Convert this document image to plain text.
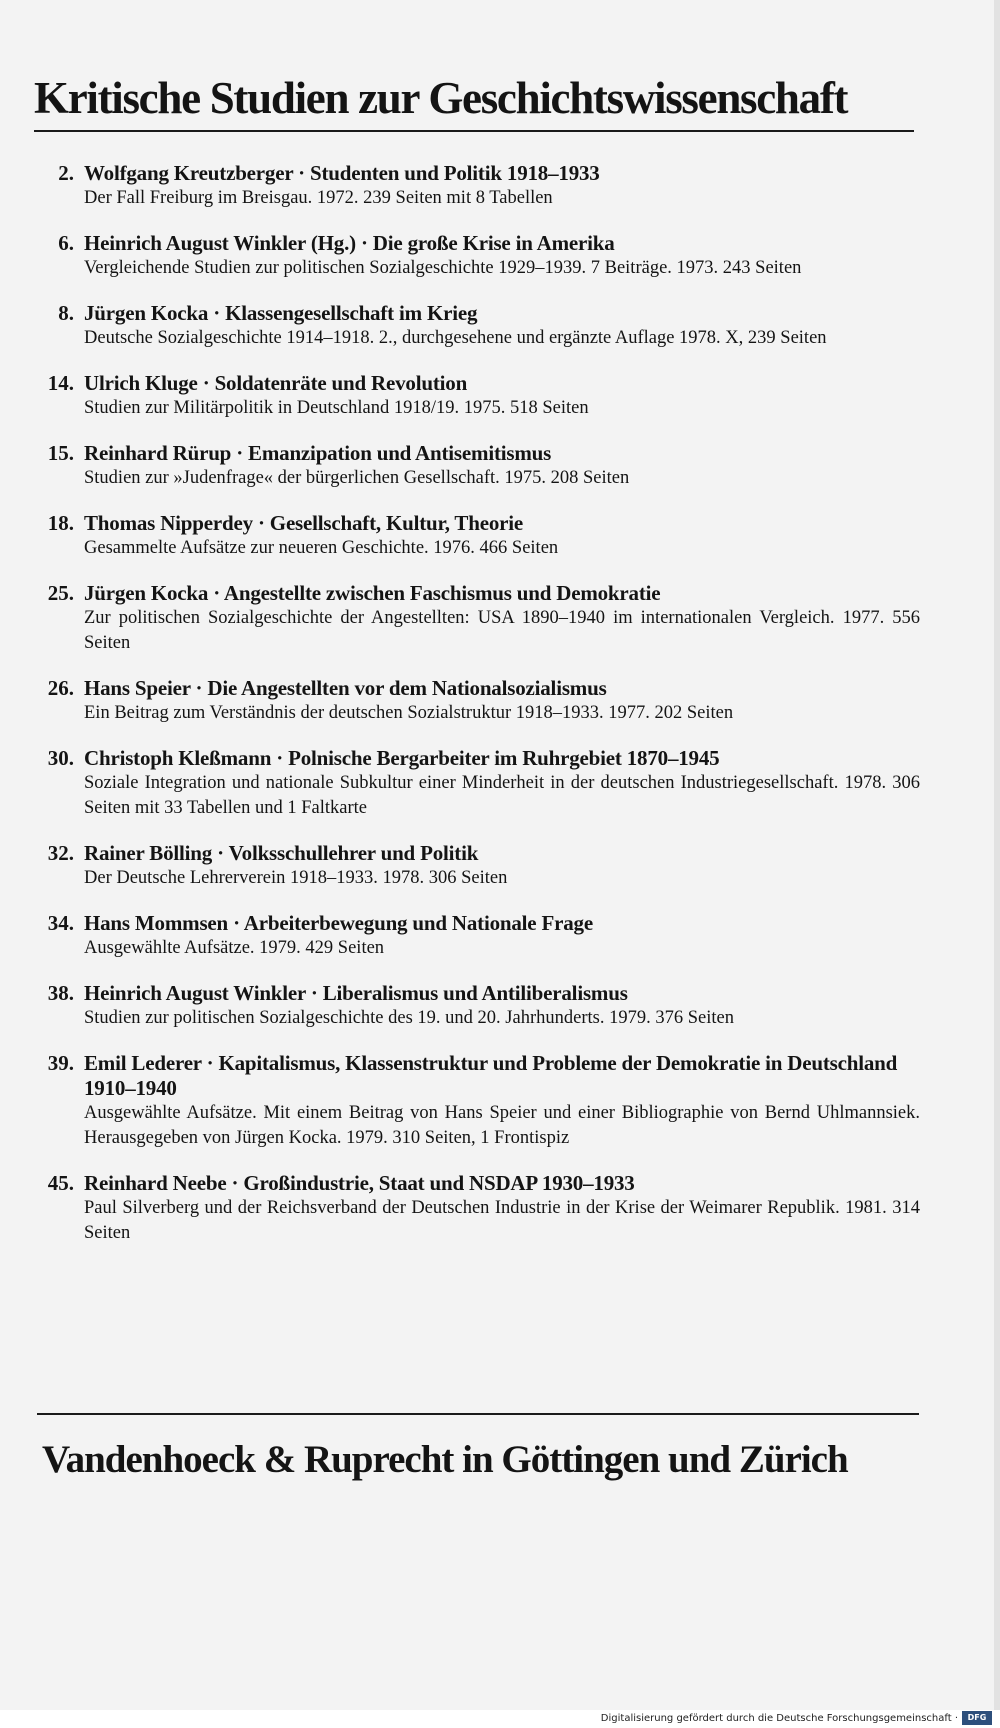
Kritische Studien zur Geschichtswissenschaft
2. Wolfgang Kreutzberger · Studenten und Politik 1918–1933
Der Fall Freiburg im Breisgau. 1972. 239 Seiten mit 8 Tabellen
6. Heinrich August Winkler (Hg.) · Die große Krise in Amerika
Vergleichende Studien zur politischen Sozialgeschichte 1929–1939. 7 Beiträge. 1973. 243 Seiten
8. Jürgen Kocka · Klassengesellschaft im Krieg
Deutsche Sozialgeschichte 1914–1918. 2., durchgesehene und ergänzte Auflage 1978. X, 239 Seiten
14. Ulrich Kluge · Soldatenräte und Revolution
Studien zur Militärpolitik in Deutschland 1918/19. 1975. 518 Seiten
15. Reinhard Rürup · Emanzipation und Antisemitismus
Studien zur »Judenfrage« der bürgerlichen Gesellschaft. 1975. 208 Seiten
18. Thomas Nipperdey · Gesellschaft, Kultur, Theorie
Gesammelte Aufsätze zur neueren Geschichte. 1976. 466 Seiten
25. Jürgen Kocka · Angestellte zwischen Faschismus und Demokratie
Zur politischen Sozialgeschichte der Angestellten: USA 1890–1940 im internationalen Vergleich. 1977. 556 Seiten
26. Hans Speier · Die Angestellten vor dem Nationalsozialismus
Ein Beitrag zum Verständnis der deutschen Sozialstruktur 1918–1933. 1977. 202 Seiten
30. Christoph Kleßmann · Polnische Bergarbeiter im Ruhrgebiet 1870–1945
Soziale Integration und nationale Subkultur einer Minderheit in der deutschen Industriegesellschaft. 1978. 306 Seiten mit 33 Tabellen und 1 Faltkarte
32. Rainer Bölling · Volksschullehrer und Politik
Der Deutsche Lehrerverein 1918–1933. 1978. 306 Seiten
34. Hans Mommsen · Arbeiterbewegung und Nationale Frage
Ausgewählte Aufsätze. 1979. 429 Seiten
38. Heinrich August Winkler · Liberalismus und Antiliberalismus
Studien zur politischen Sozialgeschichte des 19. und 20. Jahrhunderts. 1979. 376 Seiten
39. Emil Lederer · Kapitalismus, Klassenstruktur und Probleme der Demokratie in Deutschland 1910–1940
Ausgewählte Aufsätze. Mit einem Beitrag von Hans Speier und einer Bibliographie von Bernd Uhlmannsiek. Herausgegeben von Jürgen Kocka. 1979. 310 Seiten, 1 Frontispiz
45. Reinhard Neebe · Großindustrie, Staat und NSDAP 1930–1933
Paul Silverberg und der Reichsverband der Deutschen Industrie in der Krise der Weimarer Republik. 1981. 314 Seiten
Vandenhoeck & Ruprecht in Göttingen und Zürich
Digitalisierung gefördert durch die Deutsche Forschungsgemeinschaft ·	DFG
